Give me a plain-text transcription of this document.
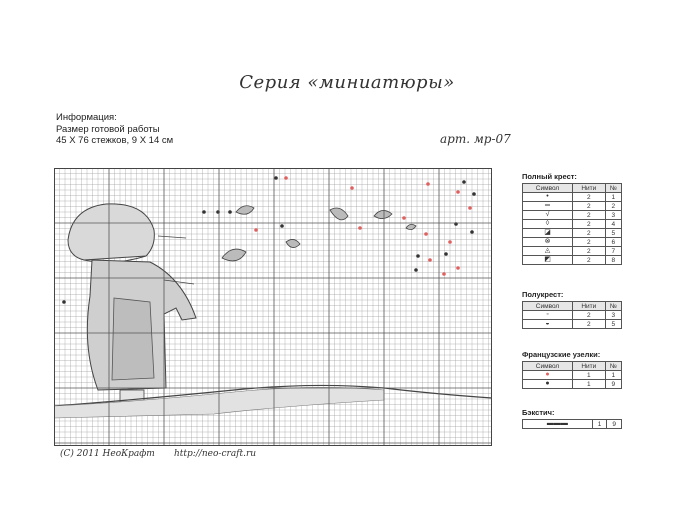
Серия «миниатюры»
Информация:
Размер готовой работы
45 X 76 стежков, 9 X 14 см	арт. мр-07
(C) 2011 НеоКрафт http://neo-craft.ru
Полный крест:
Символ	Нити	№
•	2	1
═	2	2
√	2	3
◊	2	4
◪	2	5
⊗	2	6
◬	2	7
◩	2	8
Полукрест:
Символ	Нити	№
◦	2	3
◒	2	5
Французские узелки:
Символ	Нити	№
●	1	1
●	1	9
Бэкстич:
▬▬▬	1	9
